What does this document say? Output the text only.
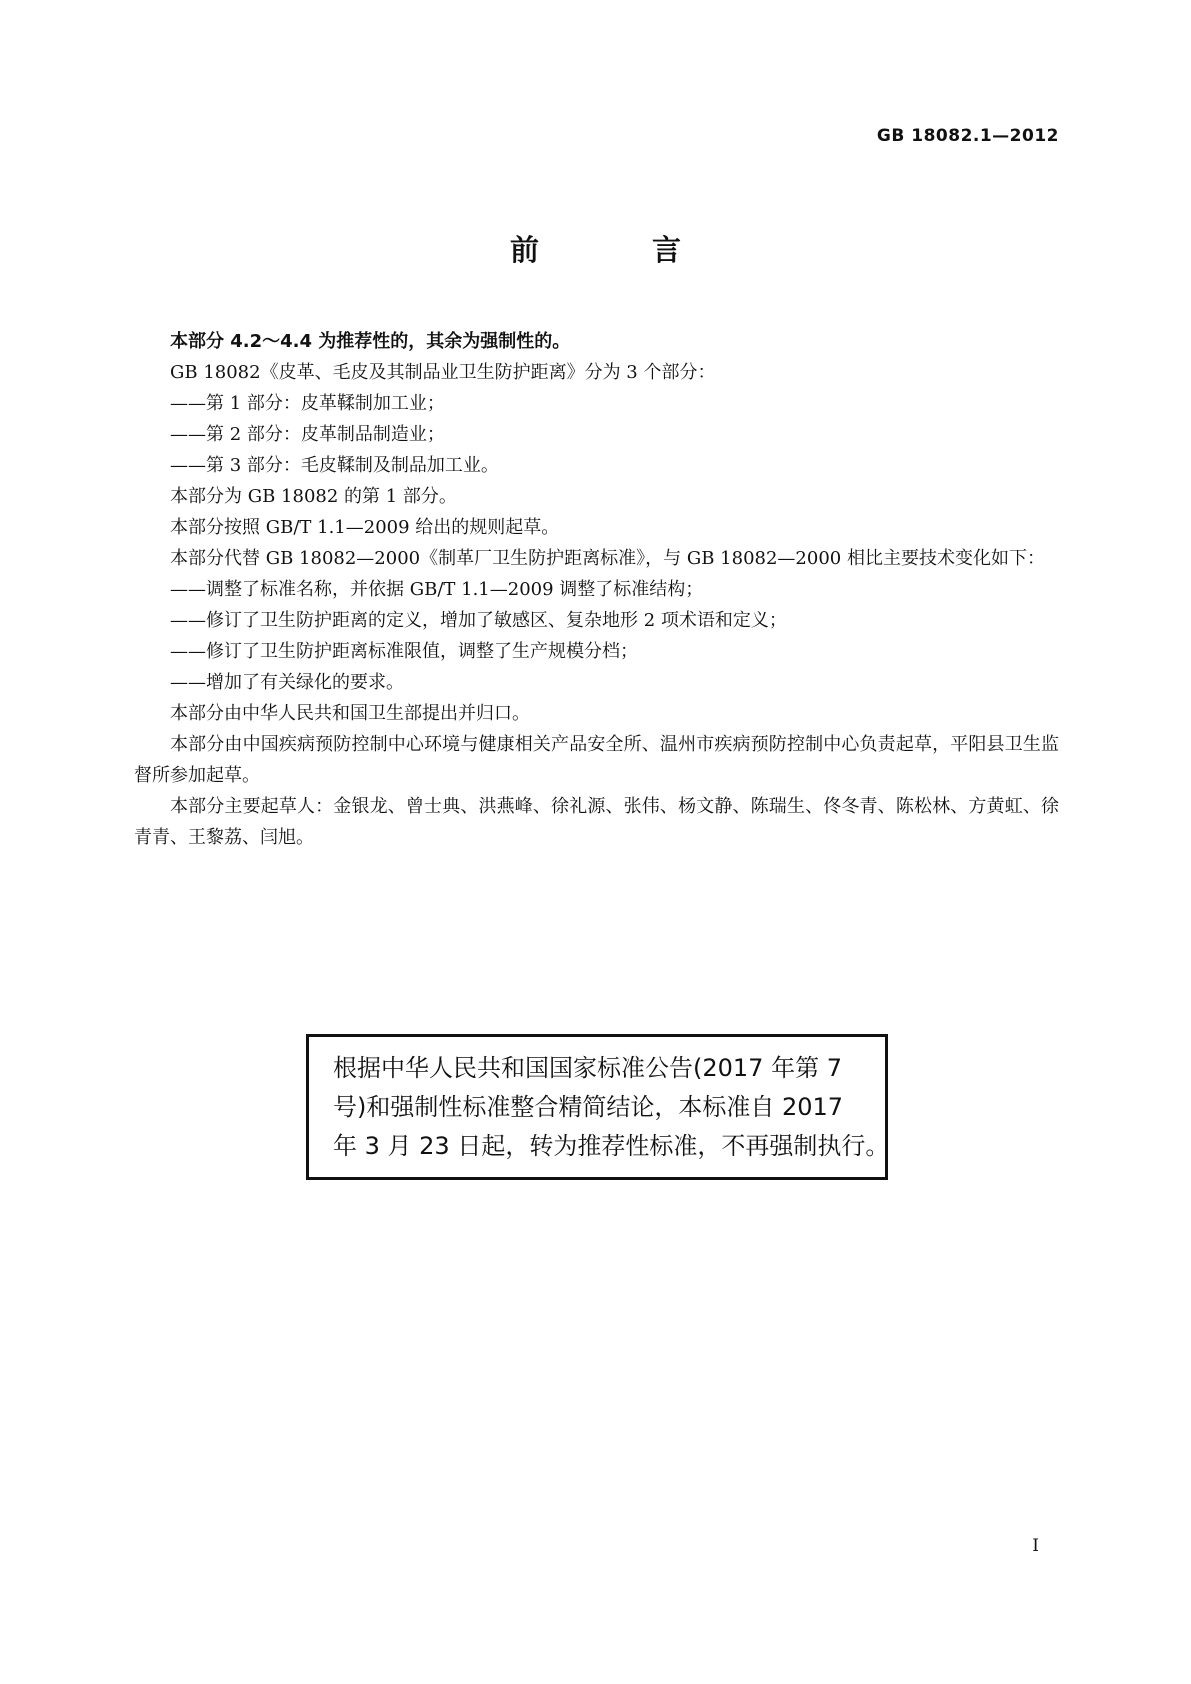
GB 18082.1—2012
前　言

本部分 4.2～4.4 为推荐性的，其余为强制性的。

GB 18082《皮革、毛皮及其制品业卫生防护距离》分为 3 个部分：

——第 1 部分：皮革鞣制加工业；

——第 2 部分：皮革制品制造业；

——第 3 部分：毛皮鞣制及制品加工业。

本部分为 GB 18082 的第 1 部分。

本部分按照 GB/T 1.1—2009 给出的规则起草。

本部分代替 GB 18082—2000《制革厂卫生防护距离标准》，与 GB 18082—2000 相比主要技术变化如下：

——调整了标准名称，并依据 GB/T 1.1—2009 调整了标准结构；

——修订了卫生防护距离的定义，增加了敏感区、复杂地形 2 项术语和定义；

——修订了卫生防护距离标准限值，调整了生产规模分档；

——增加了有关绿化的要求。

本部分由中华人民共和国卫生部提出并归口。

本部分由中国疾病预防控制中心环境与健康相关产品安全所、温州市疾病预防控制中心负责起草，平阳县卫生监督所参加起草。

本部分主要起草人：金银龙、曾士典、洪燕峰、徐礼源、张伟、杨文静、陈瑞生、佟冬青、陈松林、方黄虹、徐青青、王黎荔、闫旭。

根据中华人民共和国国家标准公告(2017 年第 7
号)和强制性标准整合精简结论，本标准自 2017
年 3 月 23 日起，转为推荐性标准，不再强制执行。
I
